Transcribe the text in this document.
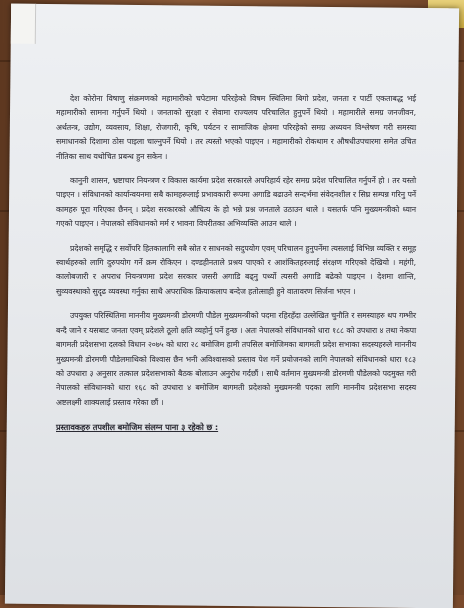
देश कोरोना विषाणु संक्रमणको महामारीको चपेटामा परिरहेको विषम स्थितिमा बिगो प्रदेश, जनता र पार्टी एकताबद्ध भई महामारीको सामना गर्नुपर्ने थियो । जनताको सुरक्षा र सेवामा राज्यलय परिचालित हुनुपर्ने थियो । महामारीले समग्र जनजीवन, अर्थतन्त्र, उद्योग, व्यवसाय, शिक्षा, रोजगारी, कृषि, पर्यटन र सामाजिक क्षेत्रमा परिरहेको समग्र अध्ययन विश्लेषण गरी समस्या समाधानको दिशामा ठोस पाइला चाल्नुपर्ने थियो । तर त्यस्तो भएको पाइएन । महामारीको रोकथाम र औषधीउपचारमा समेत उचित नीतिका साथ यथोचित प्रबन्ध हुन सकेन ।

कानुनी शासन, भ्रष्टाचार नियन्त्रण र विकास कार्यमा प्रदेश सरकारले अपरिहार्य रहेर समग्र प्रदेश परिचालित गर्नुपर्ने हो । तर यस्तो पाइएन । संविधानको कार्यान्वयनमा सबै कामहरूलाई प्रभावकारी रूपमा अगाडि बढाउने सन्दर्भमा संवेदनशील र सिघ्र सम्पन्न गरिनु पर्ने कामहरु पूरा गरिएका छैनन् । प्रदेश सरकारको औचित्य के हो भन्ने प्रश्न जनताले उठाउन थाले । यसतर्फ पनि मुख्यमन्त्रीको ध्यान गएको पाइएन । नेपालको संविधानको मर्म र भावना विपरीतका अभिव्यक्ति आउन थाले ।

प्रदेशको समृद्धि र सर्वोपरि हितकालागि सबै स्रोत र साधनको सदुपयोग एवम् परिचालन हुनुपर्नेमा त्यसलाई विभिन्न व्यक्ति र समूह स्वार्थहरुको लागि दुरुपयोग गर्ने क्रम रोकिएन । दण्डहीनताले प्रश्रय पाएको र आशंकितहरुलाई संरक्षण गरिएको देखियो । महंगी, कालोबजारी र अपराध नियन्त्रणमा प्रदेश सरकार जसरी अगाडि बढ्नु पर्थ्यो त्यसरी अगाडि बढेको पाइएन । देशमा शान्ति, सुव्यवस्थाको सुदृढ व्यवस्था गर्नुका साथै अपराधिक क्रियाकलाप बन्देज हतोत्साही हुने वातावरण सिर्जना भएन ।

उपयुक्त परिस्थितिमा माननीय मुख्यमन्त्री डोरमणी पौडेल मुख्यमन्त्रीको पदमा रहिरहँदा उल्लेखित चुनौति र समस्याहरु थप गम्भीर बन्दै जाने र यसबाट जनता एवम् प्रदेशले ठूलो क्षति व्यहोर्नु पर्ने हुन्छ । अतः नेपालको संविधानको धारा १८८ को उपधारा ४ तथा नेकपा बागमती प्रदेशसभा दलको विधान २०७५ को धारा २८ बमोजिम हामी तपसिल बमोजिमका बागमती प्रदेश सभाका सदस्यहरुले माननीय मुख्यमन्त्री डोरमणी पौडेलमाथिको विश्वास छैन भनी अविश्वासको प्रस्ताव पेश गर्ने प्रयोजनको लागि नेपालको संविधानको धारा १८३ को उपधारा ३ अनुसार तत्काल प्रदेशसभाको बैठक बोलाउन अनुरोध गर्दछौं । साथै वर्तमान मुख्यमन्त्री डोरमणी पौडेलको पदमुक्त गरी नेपालको संविधानको धारा १६८ को उपधारा ४ बमोजिम बागमती प्रदेशको मुख्यमन्त्री पदका लागि माननीय प्रदेशसभा सदस्य अष्टलक्ष्मी शाक्यलाई प्रस्ताव गरेका छौं ।

प्रस्तावकहरु तपशील बमोजिम संलग्न पाना ३ रहेको छ :
